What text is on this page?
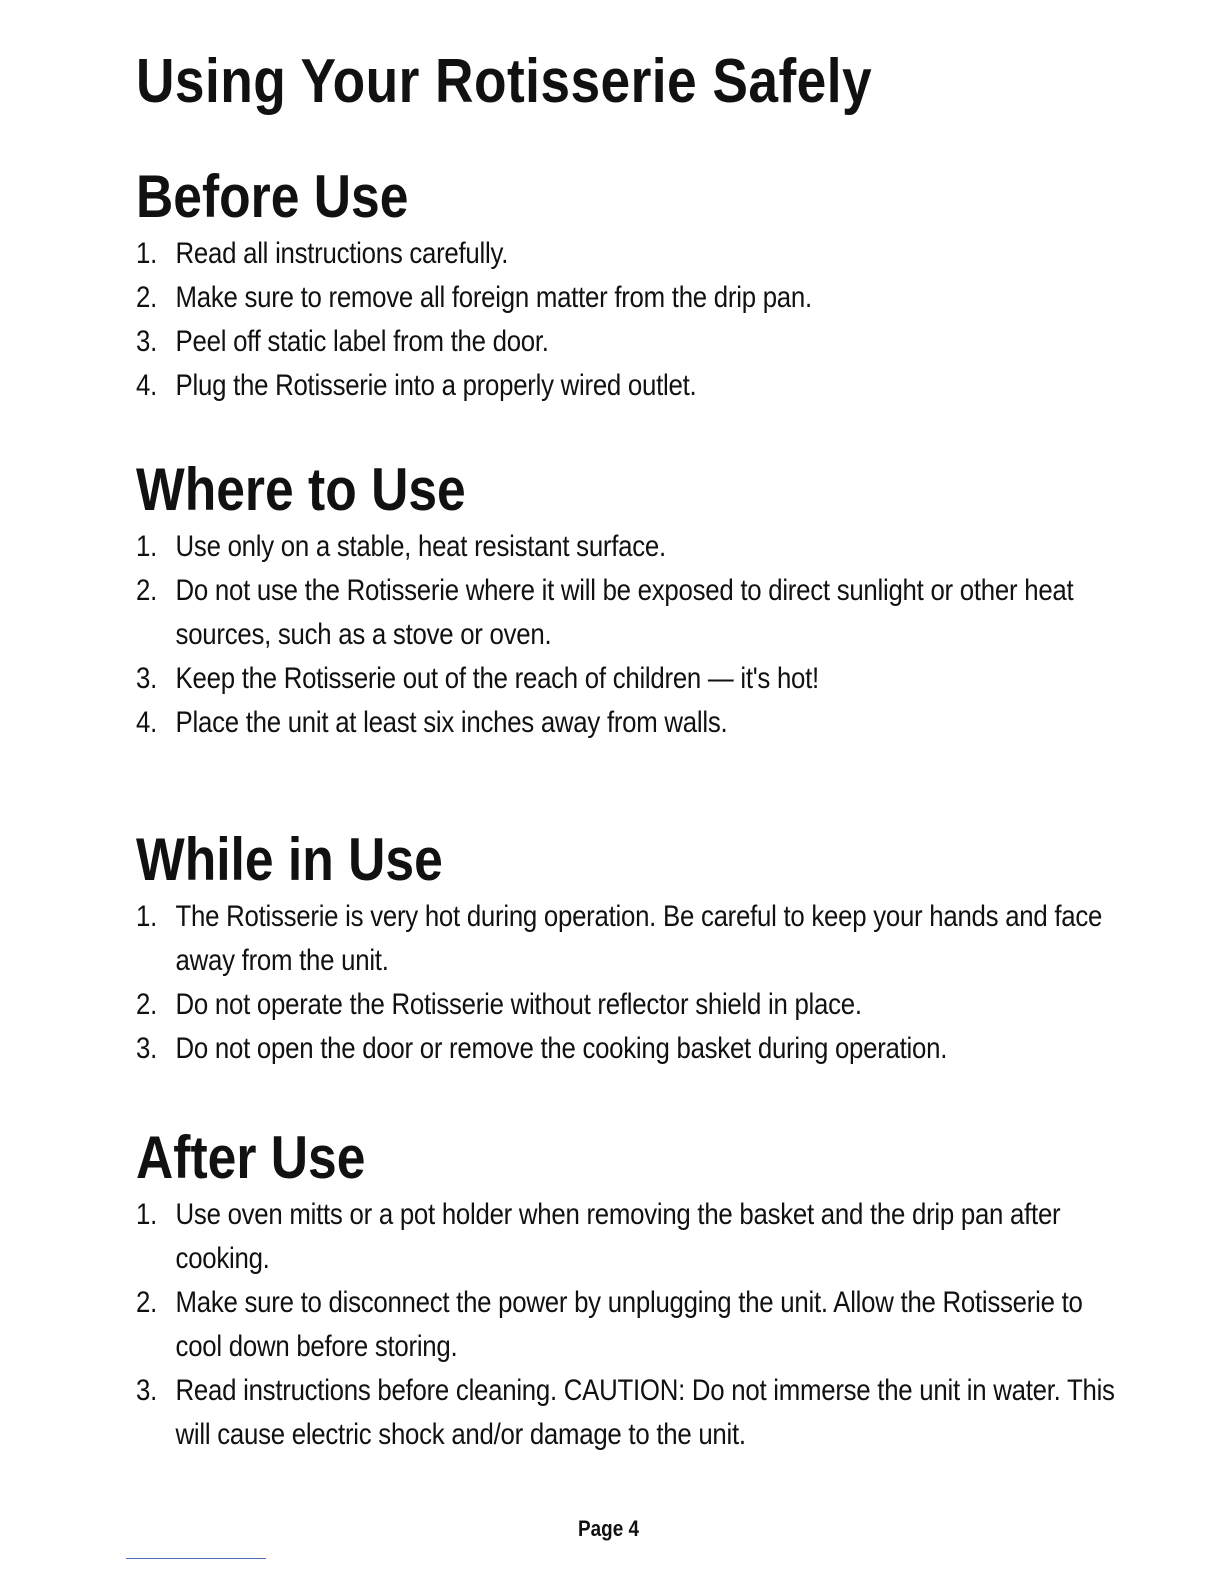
Using Your Rotisserie Safely
Before Use
1. Read all instructions carefully.
2. Make sure to remove all foreign matter from the drip pan.
3. Peel off static label from the door.
4. Plug the Rotisserie into a properly wired outlet.
Where to Use
1. Use only on a stable, heat resistant surface.
2. Do not use the Rotisserie where it will be exposed to direct sunlight or other heat sources, such as a stove or oven.
3. Keep the Rotisserie out of the reach of children — it's hot!
4. Place the unit at least six inches away from walls.
While in Use
1. The Rotisserie is very hot during operation. Be careful to keep your hands and face away from the unit.
2. Do not operate the Rotisserie without reflector shield in place.
3. Do not open the door or remove the cooking basket during operation.
After Use
1. Use oven mitts or a pot holder when removing the basket and the drip pan after cooking.
2. Make sure to disconnect the power by unplugging the unit. Allow the Rotisserie to cool down before storing.
3. Read instructions before cleaning. CAUTION: Do not immerse the unit in water. This will cause electric shock and/or damage to the unit.
Page 4
